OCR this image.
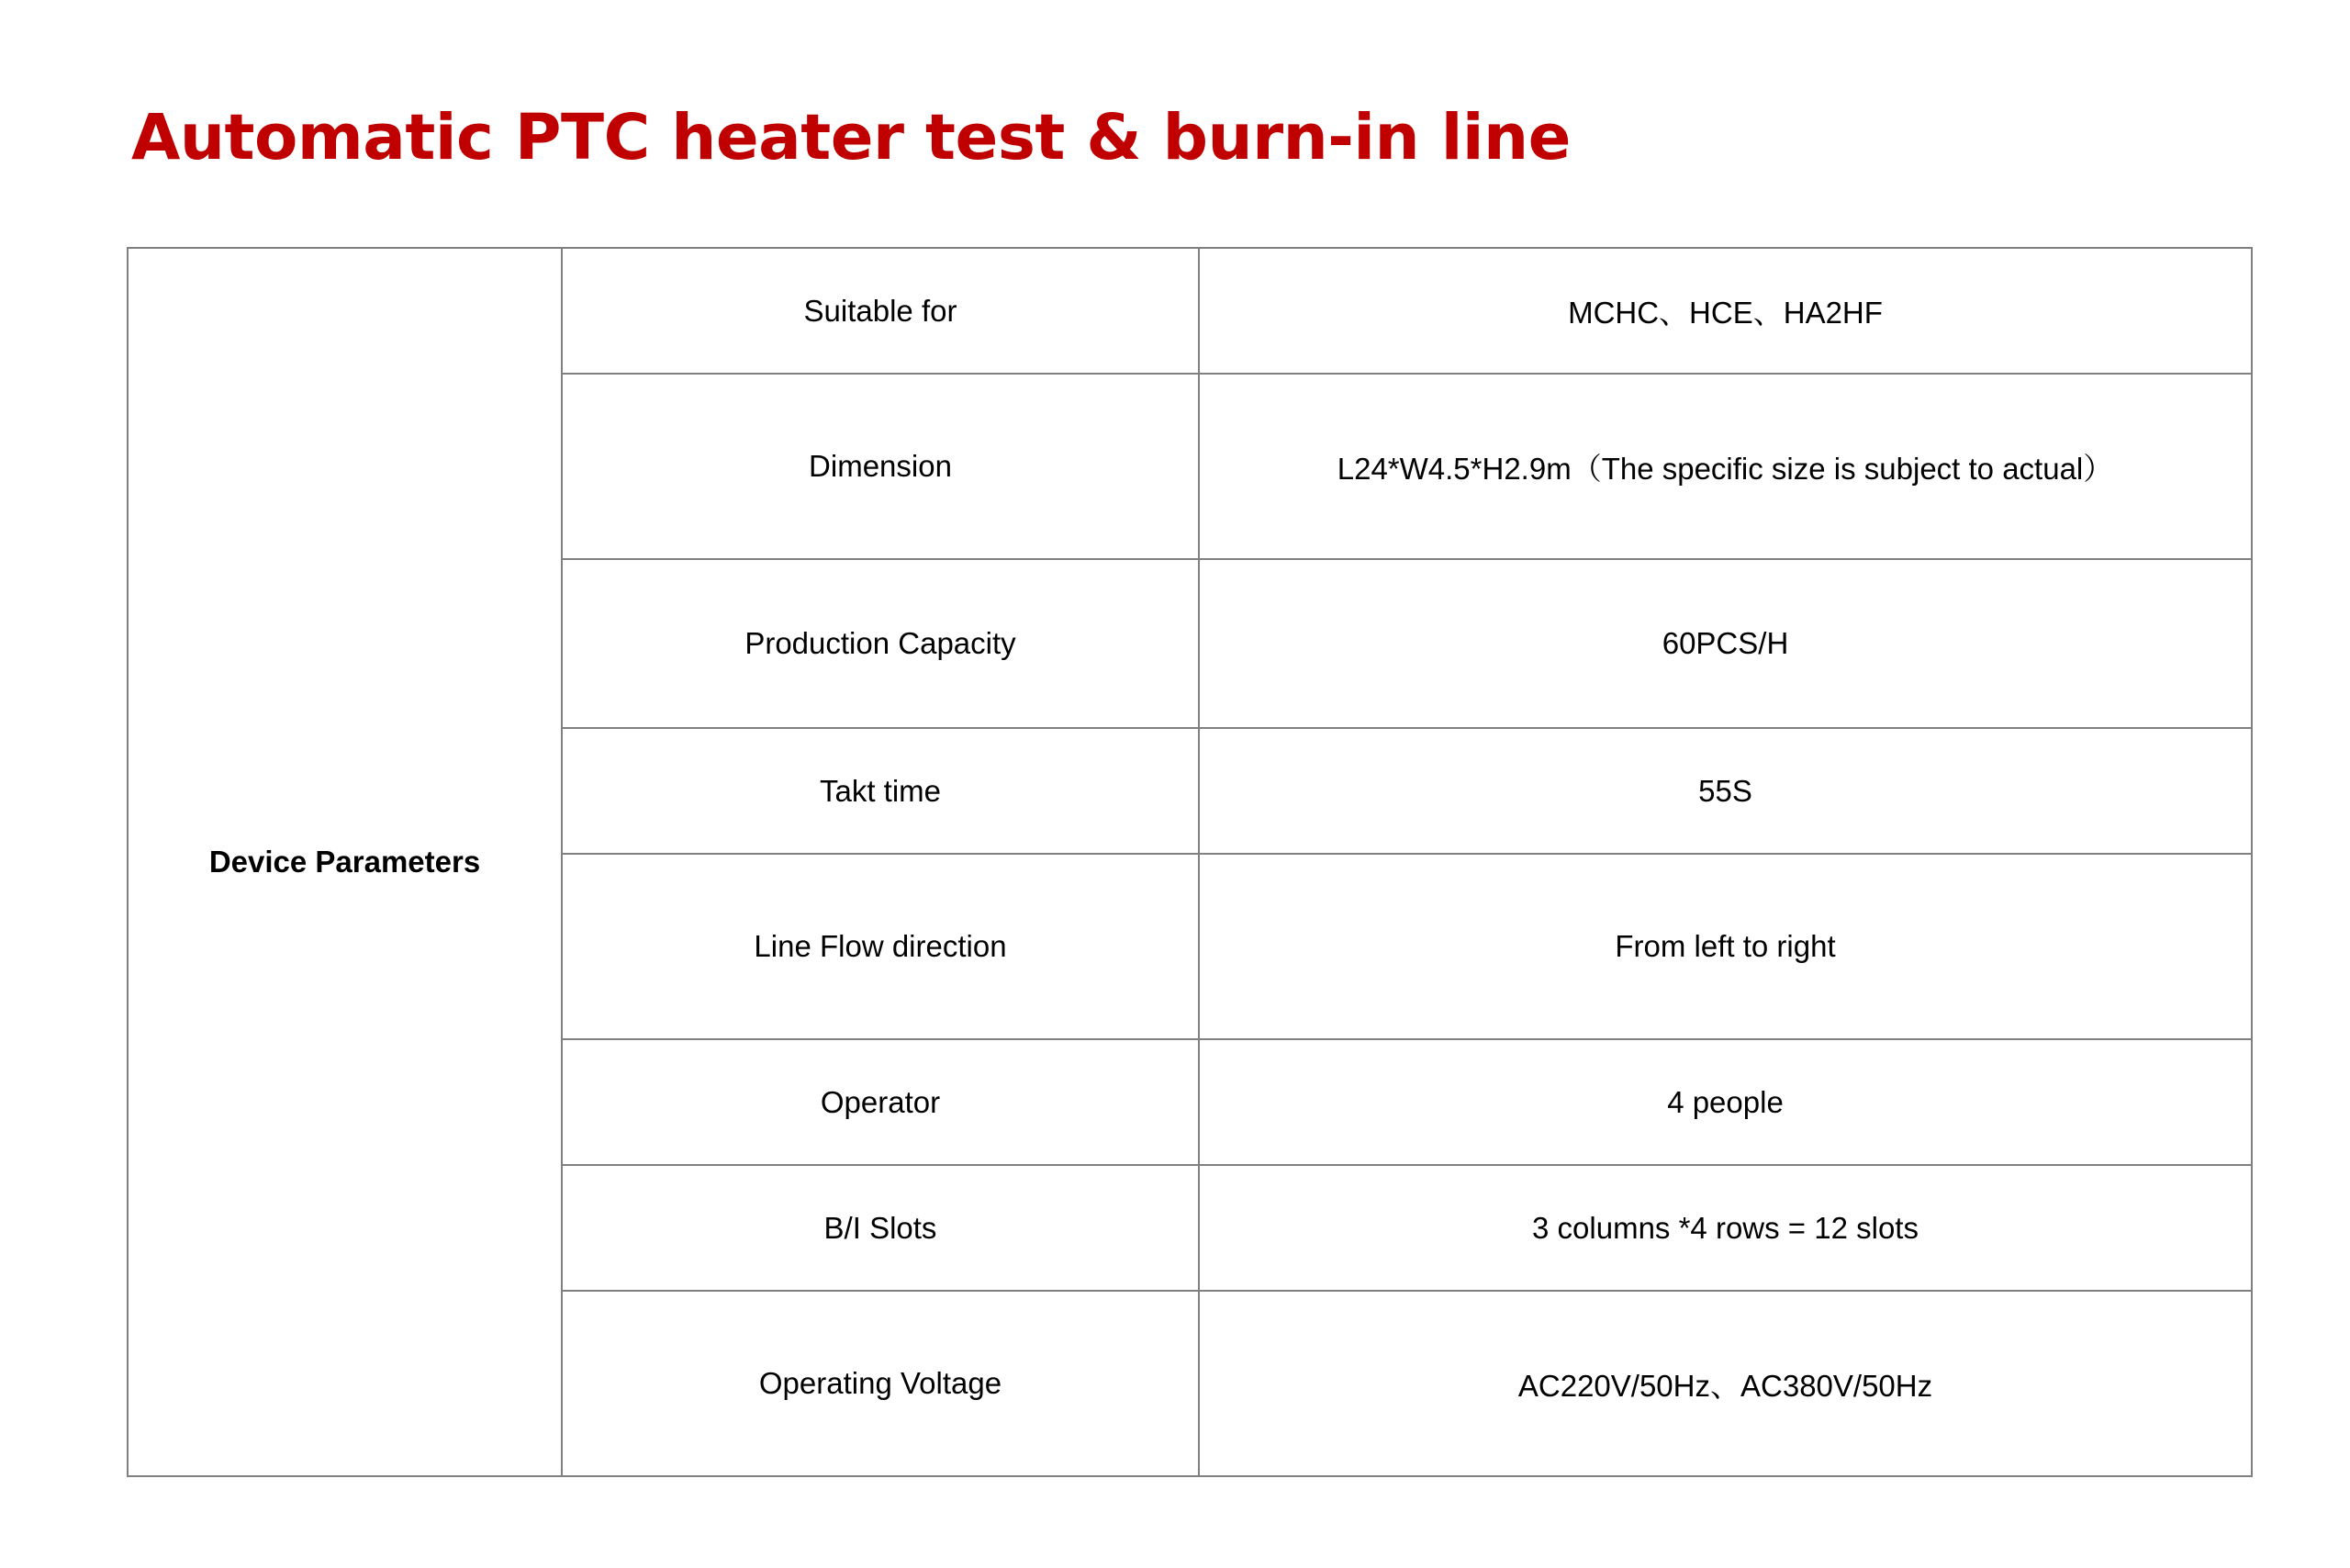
Automatic PTC heater test & burn-in line
Device Parameters	Suitable for	MCHC、HCE、HA2HF
	Dimension	L24*W4.5*H2.9m（The specific size is subject to actual）
	Production Capacity	60PCS/H
	Takt time	55S
	Line Flow direction	From left to right
	Operator	4 people
	B/I Slots	3 columns *4 rows = 12 slots
	Operating Voltage	AC220V/50Hz、AC380V/50Hz
